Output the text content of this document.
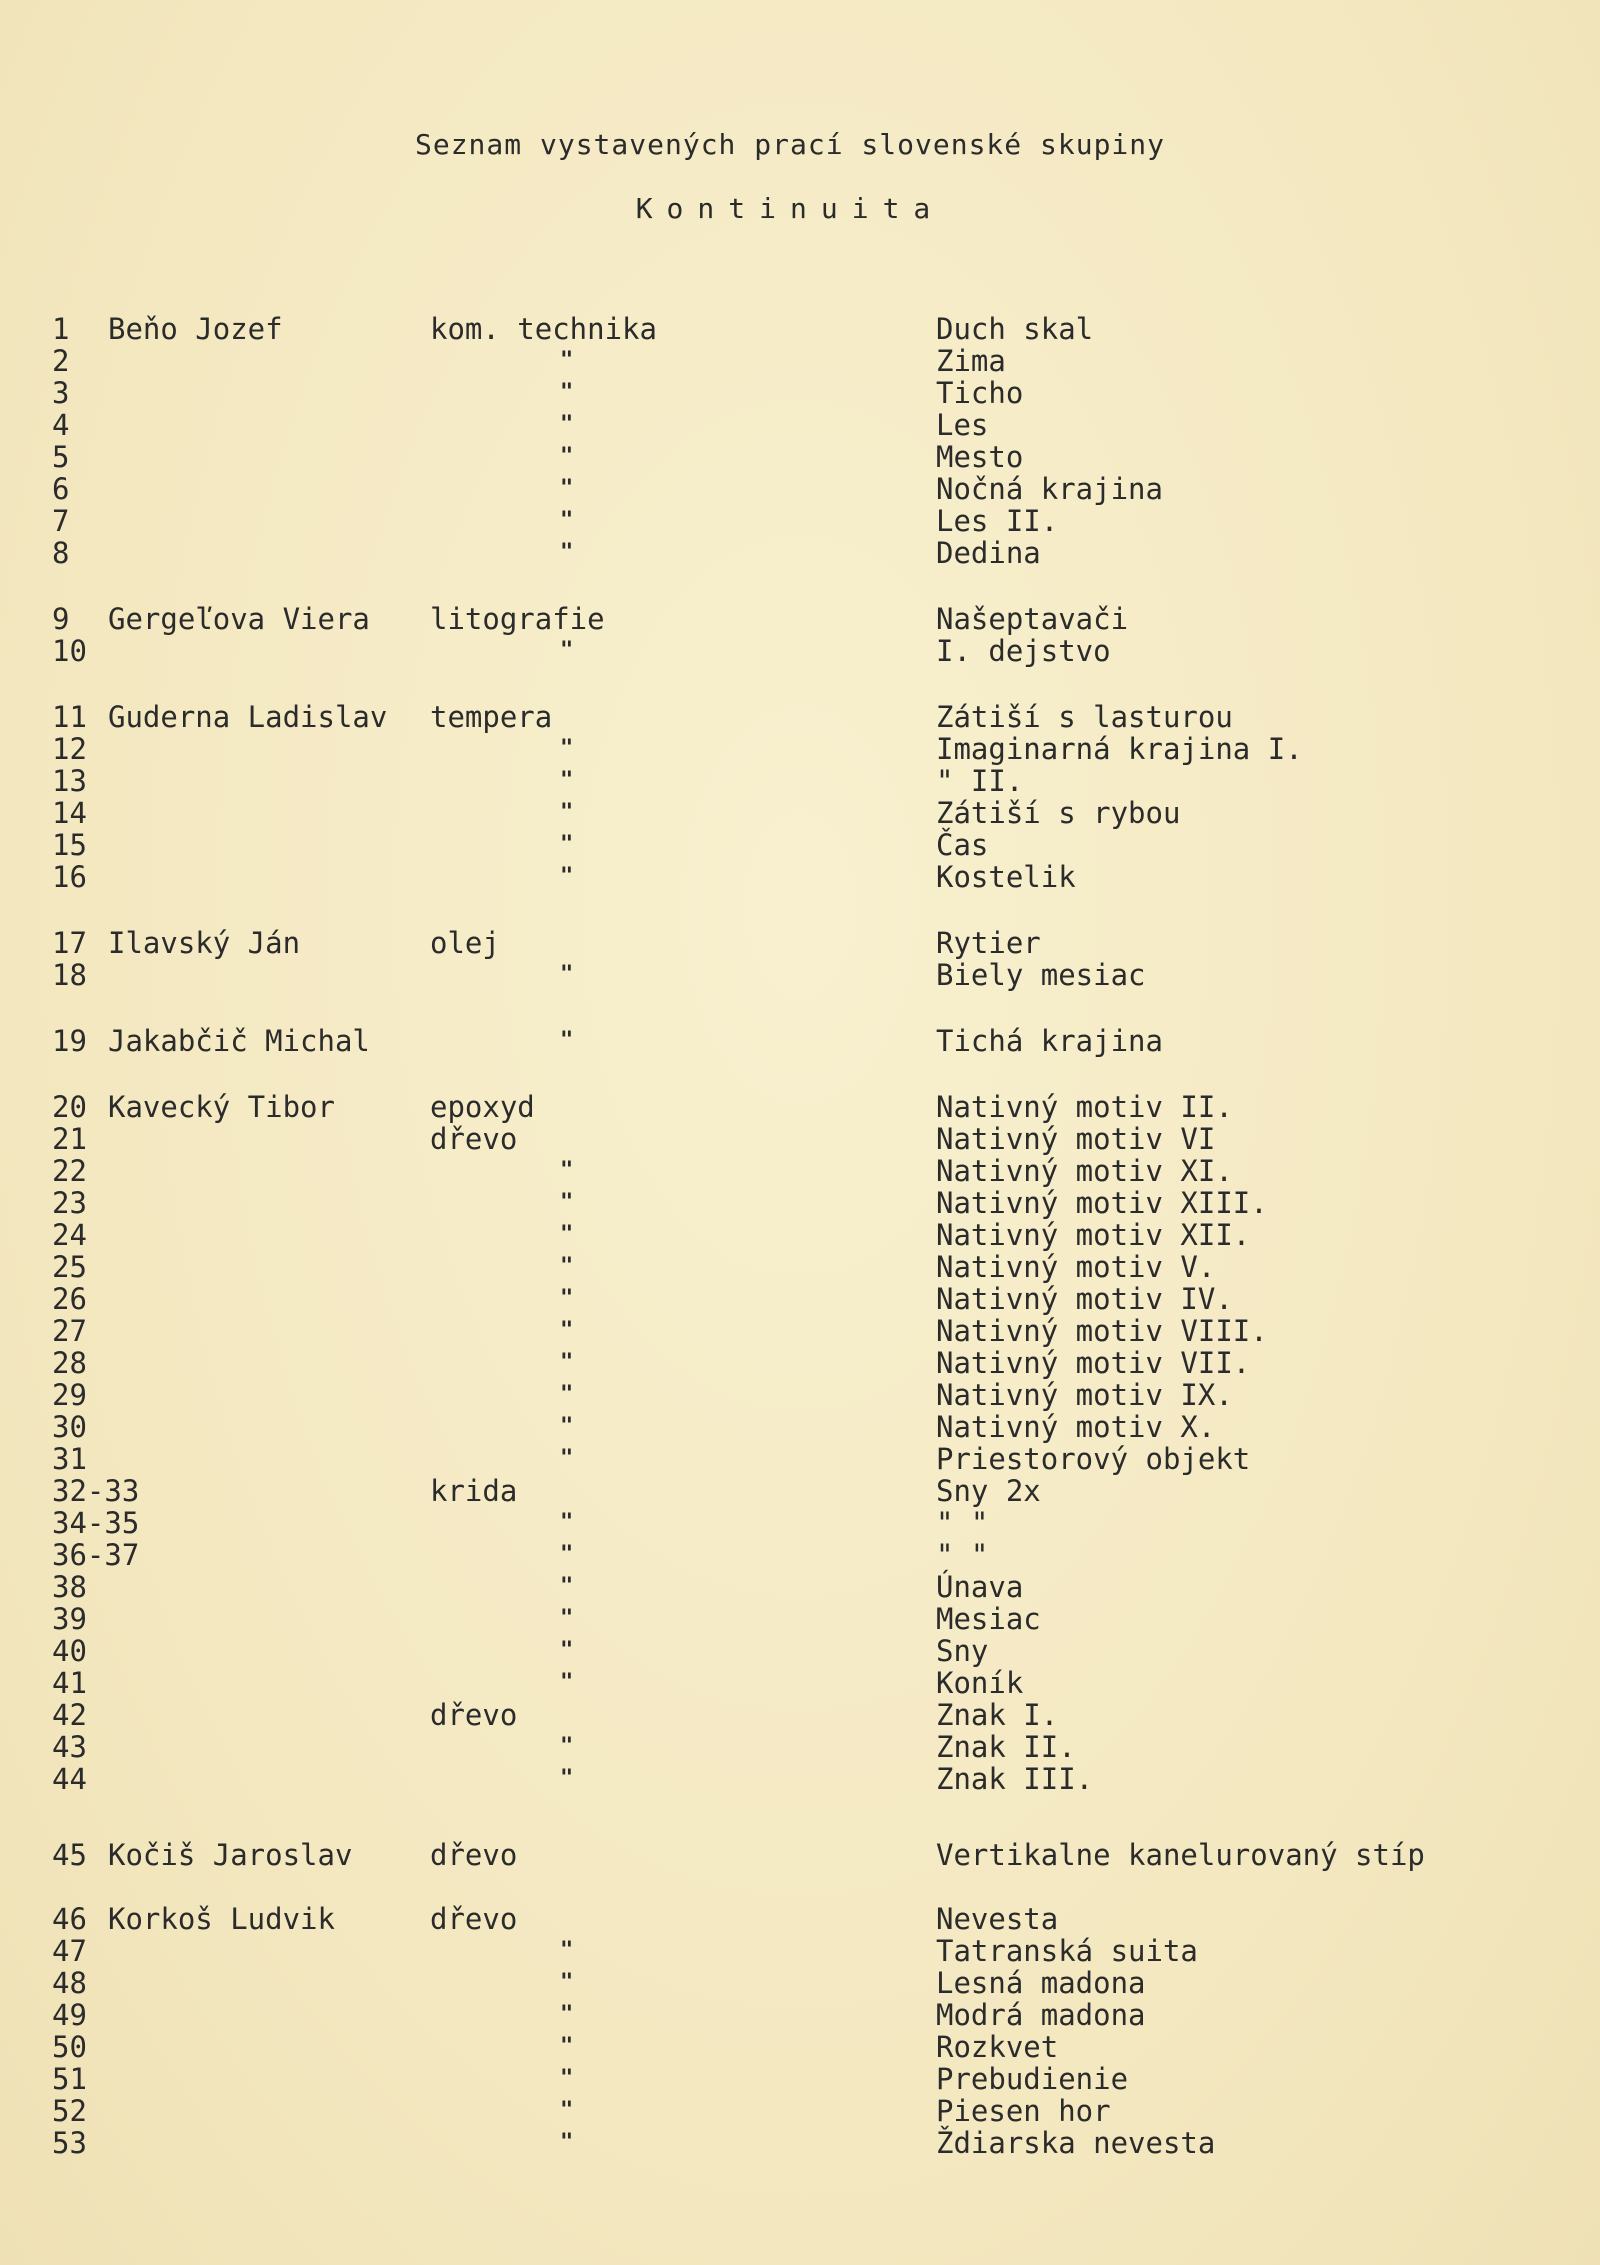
Seznam vystavených prací slovenské skupiny
Kontinuita
1 Beňo Jozef	kom. technika	Duch skal
2	"	Zima
3	"	Ticho
4	"	Les
5	"	Mesto
6	"	Nočná krajina
7	"	Les II.
8	"	Dedina
9 Gergeľova Viera litografie	Našeptavači
10	"	I. dejstvo
11 Guderna Ladislav tempera	Zátiší s lasturou
12	"	Imaginarná krajina I.
13	"	" II.
14	"	Zátiší s rybou
15	"	Čas
16	"	Kostelik
17 Ilavský Ján	olej	Rytier
18	"	Biely mesiac
19 Jakabčič Michal	"	Tichá krajina
20 Kavecký Tibor	epoxyd	Nativný motiv II.
21	dřevo	Nativný motiv VI
22	"	Nativný motiv XI.
23	"	Nativný motiv XIII.
24	"	Nativný motiv XII.
25	"	Nativný motiv V.
26	"	Nativný motiv IV.
27	"	Nativný motiv VIII.
28	"	Nativný motiv VII.
29	"	Nativný motiv IX.
30	"	Nativný motiv X.
31	"	Priestorový objekt
32-33	krida	Sny 2x
34-35	"	" "
36-37	"	" "
38	"	Únava
39	"	Mesiac
40	"	Sny
41	"	Koník
42	dřevo	Znak I.
43	"	Znak II.
44	"	Znak III.
45 Kočiš Jaroslav	dřevo	Vertikalne kanelurovaný stíp
46 Korkoš Ludvik	dřevo	Nevesta
47	"	Tatranská suita
48	"	Lesná madona
49	"	Modrá madona
50	"	Rozkvet
51	"	Prebudienie
52	"	Piesen hor
53	"	Ždiarska nevesta
